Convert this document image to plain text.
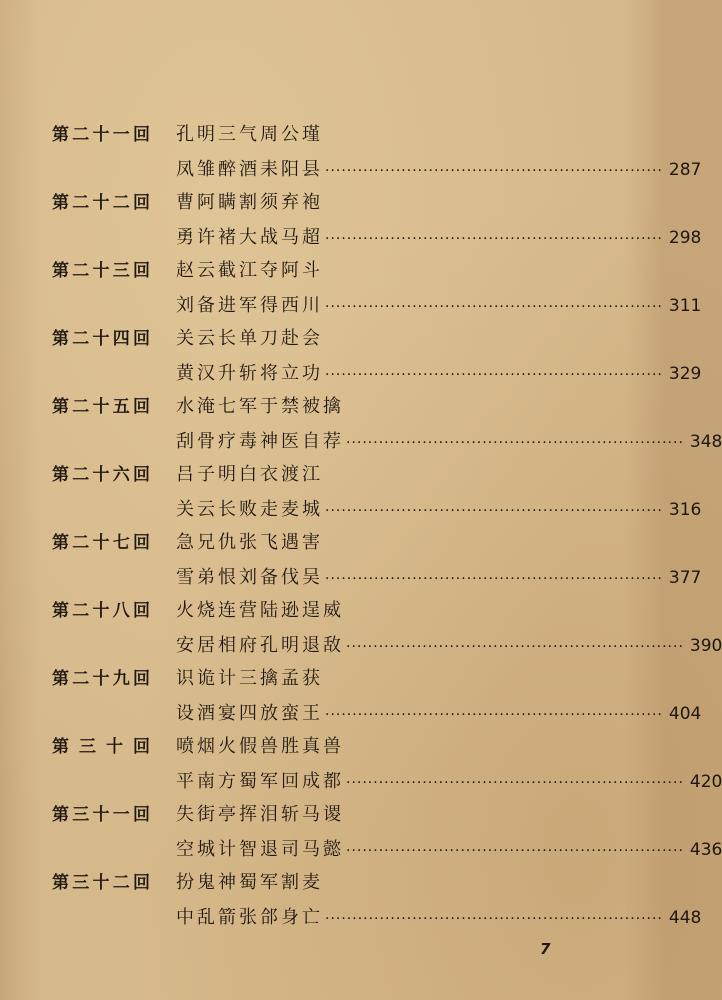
第 二 十 一 回 孔明三气周公瑾
凤雏醉酒耒阳县 ······························································ 287
第 二 十 二 回 曹阿瞒割须弃袍
勇许褚大战马超 ······························································ 298
第 二 十 三 回 赵云截江夺阿斗
刘备进军得西川 ······························································ 311
第 二 十 四 回 关云长单刀赴会
黄汉升斩将立功 ······························································ 329
第 二 十 五 回 水淹七军于禁被擒
刮骨疗毒神医自荐 ······························································ 348
第 二 十 六 回 吕子明白衣渡江
关云长败走麦城 ······························································ 316
第 二 十 七 回 急兄仇张飞遇害
雪弟恨刘备伐吴 ······························································ 377
第 二 十 八 回 火烧连营陆逊逞威
安居相府孔明退敌 ······························································ 390
第 二 十 九 回 识诡计三擒孟获
设酒宴四放蛮王 ······························································ 404
第 三 十 回 喷烟火假兽胜真兽
平南方蜀军回成都 ······························································ 420
第 三 十 一 回 失街亭挥泪斩马谡
空城计智退司马懿 ······························································ 436
第 三 十 二 回 扮鬼神蜀军割麦
中乱箭张郃身亡 ······························································ 448
7
